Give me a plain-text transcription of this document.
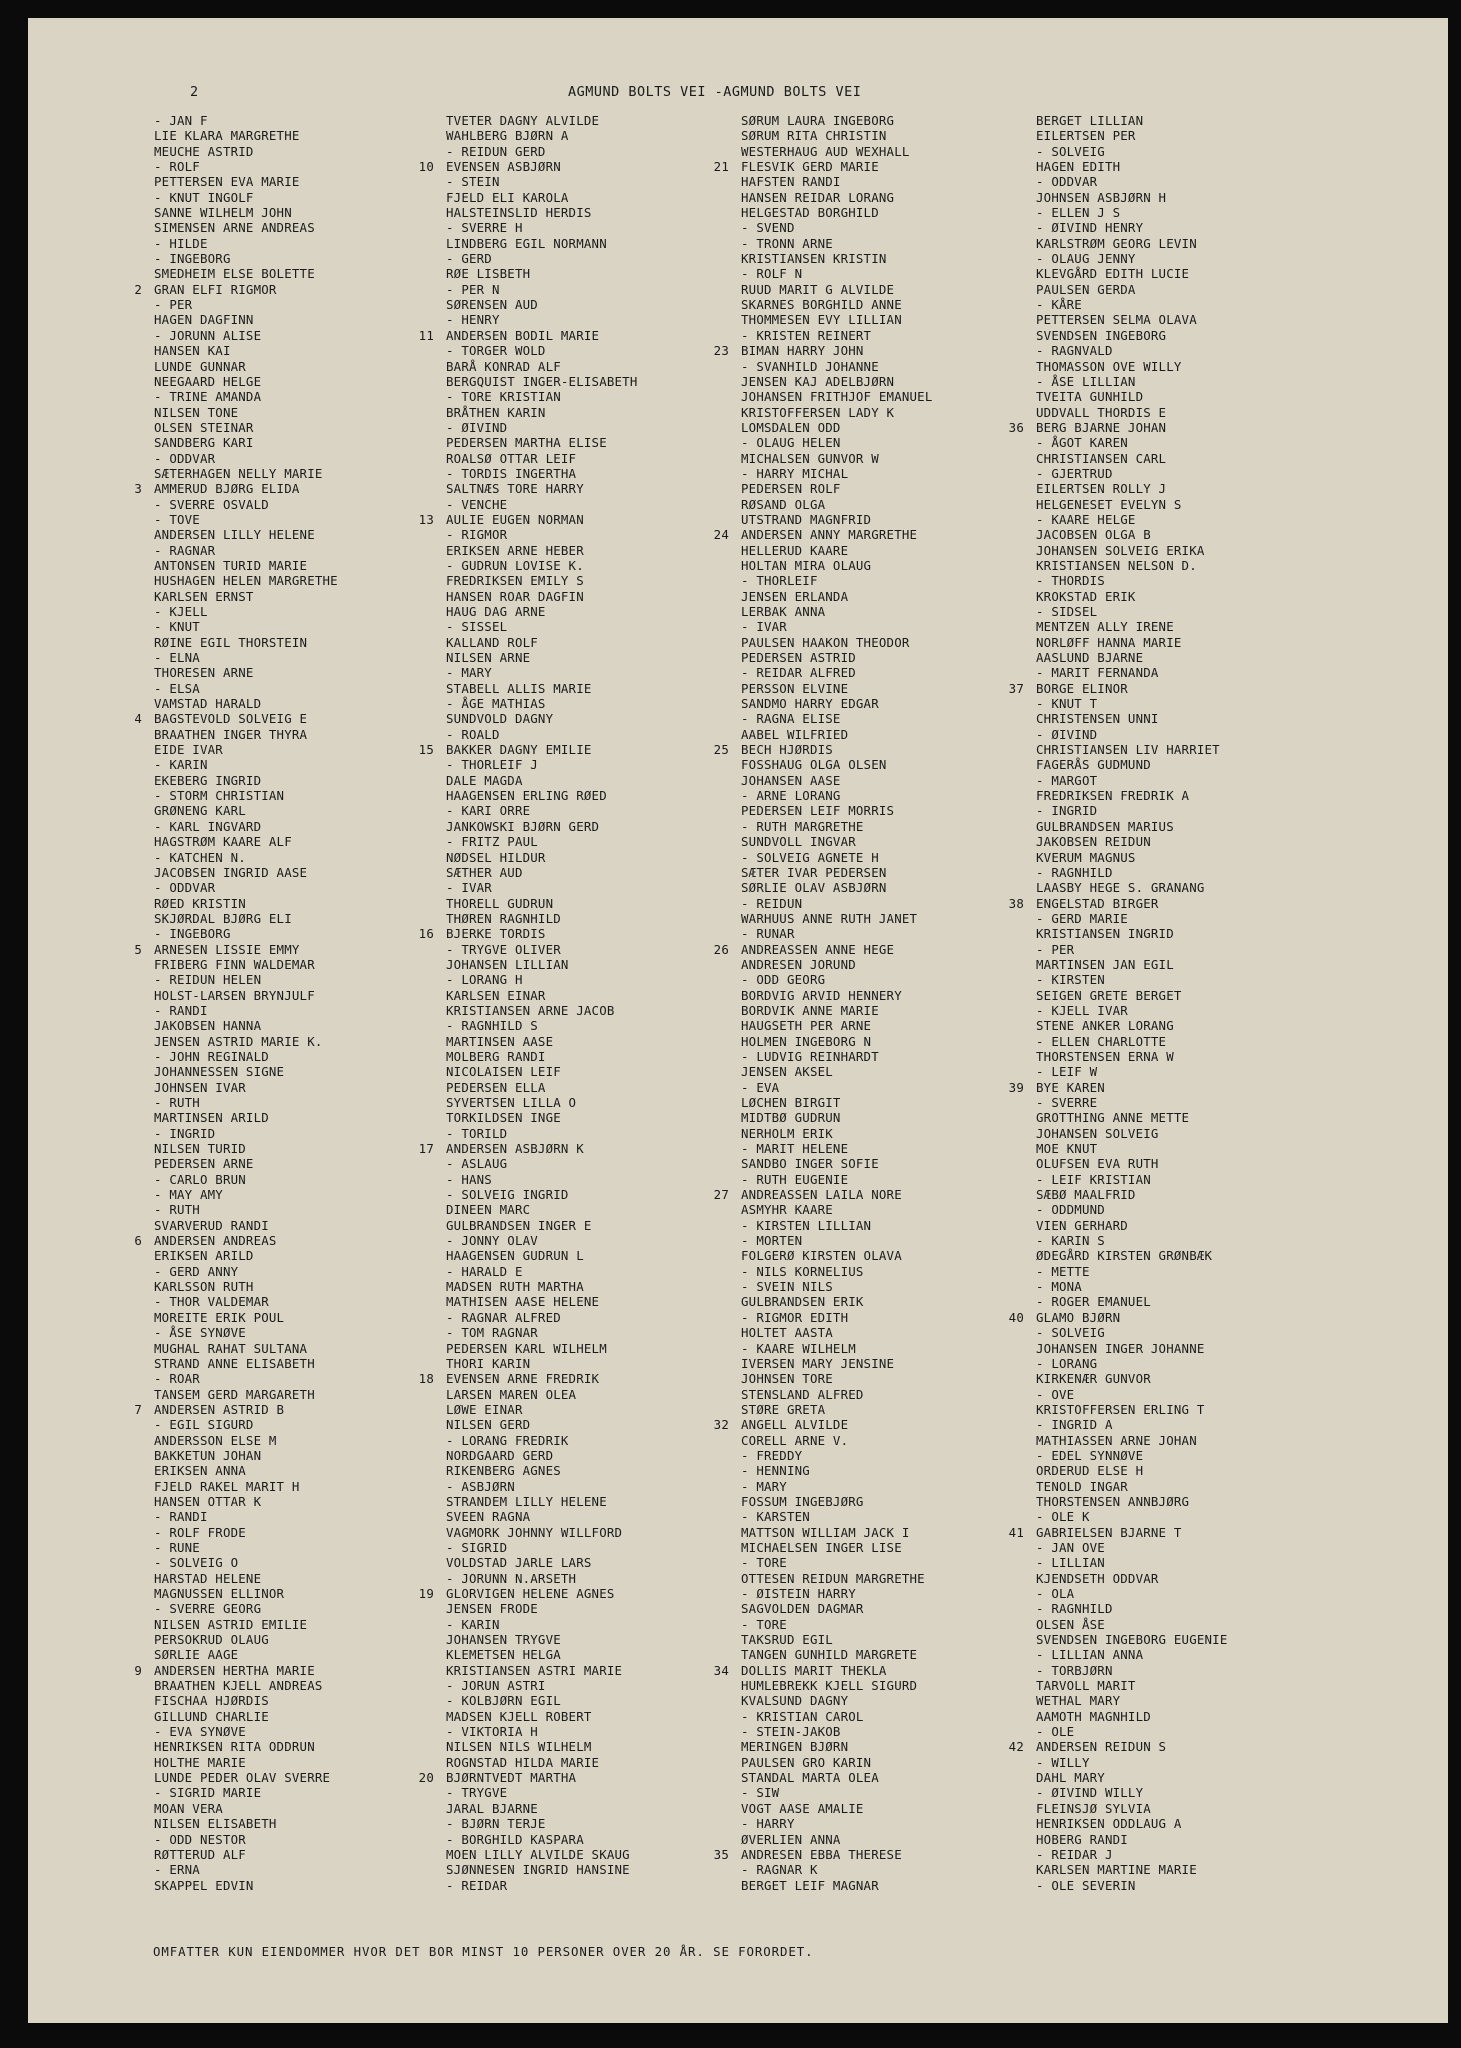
2	AGMUND BOLTS VEI -AGMUND BOLTS VEI
- JAN F
LIE KLARA MARGRETHE
MEUCHE ASTRID
- ROLF
PETTERSEN EVA MARIE
- KNUT INGOLF
SANNE WILHELM JOHN
SIMENSEN ARNE ANDREAS
- HILDE
- INGEBORG
SMEDHEIM ELSE BOLETTE
2 GRAN ELFI RIGMOR
- PER
HAGEN DAGFINN
- JORUNN ALISE
HANSEN KAI
LUNDE GUNNAR
NEEGAARD HELGE
- TRINE AMANDA
NILSEN TONE
OLSEN STEINAR
SANDBERG KARI
- ODDVAR
SÆTERHAGEN NELLY MARIE
3 AMMERUD BJØRG ELIDA
- SVERRE OSVALD
- TOVE
ANDERSEN LILLY HELENE
- RAGNAR
ANTONSEN TURID MARIE
HUSHAGEN HELEN MARGRETHE
KARLSEN ERNST
- KJELL
- KNUT
RØINE EGIL THORSTEIN
- ELNA
THORESEN ARNE
- ELSA
VAMSTAD HARALD
4 BAGSTEVOLD SOLVEIG E
BRAATHEN INGER THYRA
EIDE IVAR
- KARIN
EKEBERG INGRID
- STORM CHRISTIAN
GRØNENG KARL
- KARL INGVARD
HAGSTRØM KAARE ALF
- KATCHEN N.
JACOBSEN INGRID AASE
- ODDVAR
RØED KRISTIN
SKJØRDAL BJØRG ELI
- INGEBORG
5 ARNESEN LISSIE EMMY
FRIBERG FINN WALDEMAR
- REIDUN HELEN
HOLST-LARSEN BRYNJULF
- RANDI
JAKOBSEN HANNA
JENSEN ASTRID MARIE K.
- JOHN REGINALD
JOHANNESSEN SIGNE
JOHNSEN IVAR
- RUTH
MARTINSEN ARILD
- INGRID
NILSEN TURID
PEDERSEN ARNE
- CARLO BRUN
- MAY AMY
- RUTH
SVARVERUD RANDI
6 ANDERSEN ANDREAS
ERIKSEN ARILD
- GERD ANNY
KARLSSON RUTH
- THOR VALDEMAR
MOREITE ERIK POUL
- ÅSE SYNØVE
MUGHAL RAHAT SULTANA
STRAND ANNE ELISABETH
- ROAR
TANSEM GERD MARGARETH
7 ANDERSEN ASTRID B
- EGIL SIGURD
ANDERSSON ELSE M
BAKKETUN JOHAN
ERIKSEN ANNA
FJELD RAKEL MARIT H
HANSEN OTTAR K
- RANDI
- ROLF FRODE
- RUNE
- SOLVEIG O
HARSTAD HELENE
MAGNUSSEN ELLINOR
- SVERRE GEORG
NILSEN ASTRID EMILIE
PERSOKRUD OLAUG
SØRLIE AAGE
9 ANDERSEN HERTHA MARIE
BRAATHEN KJELL ANDREAS
FISCHAA HJØRDIS
GILLUND CHARLIE
- EVA SYNØVE
HENRIKSEN RITA ODDRUN
HOLTHE MARIE
LUNDE PEDER OLAV SVERRE
- SIGRID MARIE
MOAN VERA
NILSEN ELISABETH
- ODD NESTOR
RØTTERUD ALF
- ERNA
SKAPPEL EDVIN
TVETER DAGNY ALVILDE
WAHLBERG BJØRN A
- REIDUN GERD
10 EVENSEN ASBJØRN
- STEIN
FJELD ELI KAROLA
HALSTEINSLID HERDIS
- SVERRE H
LINDBERG EGIL NORMANN
- GERD
RØE LISBETH
- PER N
SØRENSEN AUD
- HENRY
11 ANDERSEN BODIL MARIE
- TORGER WOLD
BARÅ KONRAD ALF
BERGQUIST INGER-ELISABETH
- TORE KRISTIAN
BRÅTHEN KARIN
- ØIVIND
PEDERSEN MARTHA ELISE
ROALSØ OTTAR LEIF
- TORDIS INGERTHA
SALTNÆS TORE HARRY
- VENCHE
13 AULIE EUGEN NORMAN
- RIGMOR
ERIKSEN ARNE HEBER
- GUDRUN LOVISE K.
FREDRIKSEN EMILY S
HANSEN ROAR DAGFIN
HAUG DAG ARNE
- SISSEL
KALLAND ROLF
NILSEN ARNE
- MARY
STABELL ALLIS MARIE
- ÅGE MATHIAS
SUNDVOLD DAGNY
- ROALD
15 BAKKER DAGNY EMILIE
- THORLEIF J
DALE MAGDA
HAAGENSEN ERLING RØED
- KARI ORRE
JANKOWSKI BJØRN GERD
- FRITZ PAUL
NØDSEL HILDUR
SÆTHER AUD
- IVAR
THORELL GUDRUN
THØREN RAGNHILD
16 BJERKE TORDIS
- TRYGVE OLIVER
JOHANSEN LILLIAN
- LORANG H
KARLSEN EINAR
KRISTIANSEN ARNE JACOB
- RAGNHILD S
MARTINSEN AASE
MOLBERG RANDI
NICOLAISEN LEIF
PEDERSEN ELLA
SYVERTSEN LILLA O
TORKILDSEN INGE
- TORILD
17 ANDERSEN ASBJØRN K
- ASLAUG
- HANS
- SOLVEIG INGRID
DINEEN MARC
GULBRANDSEN INGER E
- JONNY OLAV
HAAGENSEN GUDRUN L
- HARALD E
MADSEN RUTH MARTHA
MATHISEN AASE HELENE
- RAGNAR ALFRED
- TOM RAGNAR
PEDERSEN KARL WILHELM
THORI KARIN
18 EVENSEN ARNE FREDRIK
LARSEN MAREN OLEA
LØWE EINAR
NILSEN GERD
- LORANG FREDRIK
NORDGAARD GERD
RIKENBERG AGNES
- ASBJØRN
STRANDEM LILLY HELENE
SVEEN RAGNA
VAGMORK JOHNNY WILLFORD
- SIGRID
VOLDSTAD JARLE LARS
- JORUNN N.ARSETH
19 GLORVIGEN HELENE AGNES
JENSEN FRODE
- KARIN
JOHANSEN TRYGVE
KLEMETSEN HELGA
KRISTIANSEN ASTRI MARIE
- JORUN ASTRI
- KOLBJØRN EGIL
MADSEN KJELL ROBERT
- VIKTORIA H
NILSEN NILS WILHELM
ROGNSTAD HILDA MARIE
20 BJØRNTVEDT MARTHA
- TRYGVE
JARAL BJARNE
- BJØRN TERJE
- BORGHILD KASPARA
MOEN LILLY ALVILDE SKAUG
SJØNNESEN INGRID HANSINE
- REIDAR
SØRUM LAURA INGEBORG
SØRUM RITA CHRISTIN
WESTERHAUG AUD WEXHALL
21 FLESVIK GERD MARIE
HAFSTEN RANDI
HANSEN REIDAR LORANG
HELGESTAD BORGHILD
- SVEND
- TRONN ARNE
KRISTIANSEN KRISTIN
- ROLF N
RUUD MARIT G ALVILDE
SKARNES BORGHILD ANNE
THOMMESEN EVY LILLIAN
- KRISTEN REINERT
23 BIMAN HARRY JOHN
- SVANHILD JOHANNE
JENSEN KAJ ADELBJØRN
JOHANSEN FRITHJOF EMANUEL
KRISTOFFERSEN LADY K
LOMSDALEN ODD
- OLAUG HELEN
MICHALSEN GUNVOR W
- HARRY MICHAL
PEDERSEN ROLF
RØSAND OLGA
UTSTRAND MAGNFRID
24 ANDERSEN ANNY MARGRETHE
HELLERUD KAARE
HOLTAN MIRA OLAUG
- THORLEIF
JENSEN ERLANDA
LERBAK ANNA
- IVAR
PAULSEN HAAKON THEODOR
PEDERSEN ASTRID
- REIDAR ALFRED
PERSSON ELVINE
SANDMO HARRY EDGAR
- RAGNA ELISE
AABEL WILFRIED
25 BECH HJØRDIS
FOSSHAUG OLGA OLSEN
JOHANSEN AASE
- ARNE LORANG
PEDERSEN LEIF MORRIS
- RUTH MARGRETHE
SUNDVOLL INGVAR
- SOLVEIG AGNETE H
SÆTER IVAR PEDERSEN
SØRLIE OLAV ASBJØRN
- REIDUN
WARHUUS ANNE RUTH JANET
- RUNAR
26 ANDREASSEN ANNE HEGE
ANDRESEN JORUND
- ODD GEORG
BORDVIG ARVID HENNERY
BORDVIK ANNE MARIE
HAUGSETH PER ARNE
HOLMEN INGEBORG N
- LUDVIG REINHARDT
JENSEN AKSEL
- EVA
LØCHEN BIRGIT
MIDTBØ GUDRUN
NERHOLM ERIK
- MARIT HELENE
SANDBO INGER SOFIE
- RUTH EUGENIE
27 ANDREASSEN LAILA NORE
ASMYHR KAARE
- KIRSTEN LILLIAN
- MORTEN
FOLGERØ KIRSTEN OLAVA
- NILS KORNELIUS
- SVEIN NILS
GULBRANDSEN ERIK
- RIGMOR EDITH
HOLTET AASTA
- KAARE WILHELM
IVERSEN MARY JENSINE
JOHNSEN TORE
STENSLAND ALFRED
STØRE GRETA
32 ANGELL ALVILDE
CORELL ARNE V.
- FREDDY
- HENNING
- MARY
FOSSUM INGEBJØRG
- KARSTEN
MATTSON WILLIAM JACK I
MICHAELSEN INGER LISE
- TORE
OTTESEN REIDUN MARGRETHE
- ØISTEIN HARRY
SAGVOLDEN DAGMAR
- TORE
TAKSRUD EGIL
TANGEN GUNHILD MARGRETE
34 DOLLIS MARIT THEKLA
HUMLEBREKK KJELL SIGURD
KVALSUND DAGNY
- KRISTIAN CAROL
- STEIN-JAKOB
MERINGEN BJØRN
PAULSEN GRO KARIN
STANDAL MARTA OLEA
- SIW
VOGT AASE AMALIE
- HARRY
ØVERLIEN ANNA
35 ANDRESEN EBBA THERESE
- RAGNAR K
BERGET LEIF MAGNAR
BERGET LILLIAN
EILERTSEN PER
- SOLVEIG
HAGEN EDITH
- ODDVAR
JOHNSEN ASBJØRN H
- ELLEN J S
- ØIVIND HENRY
KARLSTRØM GEORG LEVIN
- OLAUG JENNY
KLEVGÅRD EDITH LUCIE
PAULSEN GERDA
- KÅRE
PETTERSEN SELMA OLAVA
SVENDSEN INGEBORG
- RAGNVALD
THOMASSON OVE WILLY
- ÅSE LILLIAN
TVEITA GUNHILD
UDDVALL THORDIS E
36 BERG BJARNE JOHAN
- ÅGOT KAREN
CHRISTIANSEN CARL
- GJERTRUD
EILERTSEN ROLLY J
HELGENESET EVELYN S
- KAARE HELGE
JACOBSEN OLGA B
JOHANSEN SOLVEIG ERIKA
KRISTIANSEN NELSON D.
- THORDIS
KROKSTAD ERIK
- SIDSEL
MENTZEN ALLY IRENE
NORLØFF HANNA MARIE
AASLUND BJARNE
- MARIT FERNANDA
37 BORGE ELINOR
- KNUT T
CHRISTENSEN UNNI
- ØIVIND
CHRISTIANSEN LIV HARRIET
FAGERÅS GUDMUND
- MARGOT
FREDRIKSEN FREDRIK A
- INGRID
GULBRANDSEN MARIUS
JAKOBSEN REIDUN
KVERUM MAGNUS
- RAGNHILD
LAASBY HEGE S. GRANANG
38 ENGELSTAD BIRGER
- GERD MARIE
KRISTIANSEN INGRID
- PER
MARTINSEN JAN EGIL
- KIRSTEN
SEIGEN GRETE BERGET
- KJELL IVAR
STENE ANKER LORANG
- ELLEN CHARLOTTE
THORSTENSEN ERNA W
- LEIF W
39 BYE KAREN
- SVERRE
GROTTHING ANNE METTE
JOHANSEN SOLVEIG
MOE KNUT
OLUFSEN EVA RUTH
- LEIF KRISTIAN
SÆBØ MAALFRID
- ODDMUND
VIEN GERHARD
- KARIN S
ØDEGÅRD KIRSTEN GRØNBÆK
- METTE
- MONA
- ROGER EMANUEL
40 GLAMO BJØRN
- SOLVEIG
JOHANSEN INGER JOHANNE
- LORANG
KIRKENÆR GUNVOR
- OVE
KRISTOFFERSEN ERLING T
- INGRID A
MATHIASSEN ARNE JOHAN
- EDEL SYNNØVE
ORDERUD ELSE H
TENOLD INGAR
THORSTENSEN ANNBJØRG
- OLE K
41 GABRIELSEN BJARNE T
- JAN OVE
- LILLIAN
KJENDSETH ODDVAR
- OLA
- RAGNHILD
OLSEN ÅSE
SVENDSEN INGEBORG EUGENIE
- LILLIAN ANNA
- TORBJØRN
TARVOLL MARIT
WETHAL MARY
AAMOTH MAGNHILD
- OLE
42 ANDERSEN REIDUN S
- WILLY
DAHL MARY
- ØIVIND WILLY
FLEINSJØ SYLVIA
HENRIKSEN ODDLAUG A
HOBERG RANDI
- REIDAR J
KARLSEN MARTINE MARIE
- OLE SEVERIN
OMFATTER KUN EIENDOMMER HVOR DET BOR MINST 10 PERSONER OVER 20 ÅR. SE FORORDET.
